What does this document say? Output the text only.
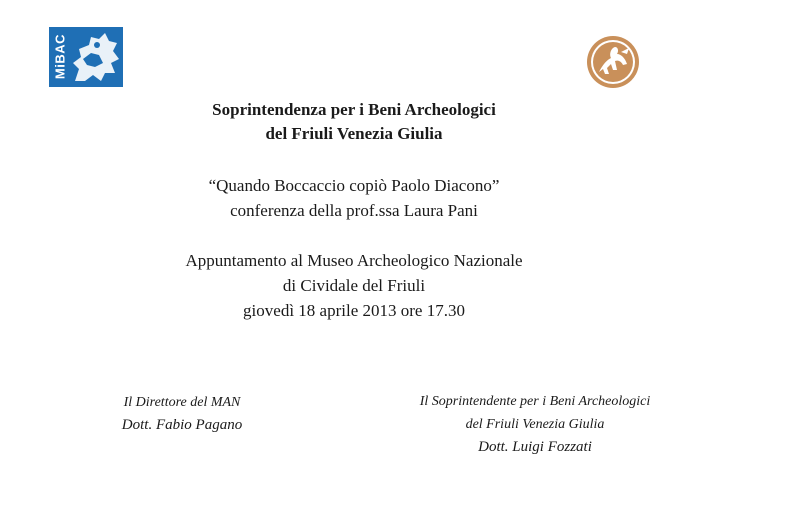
MiBAC
Soprintendenza per i Beni Archeologici
del Friuli Venezia Giulia
“Quando Boccaccio copiò Paolo Diacono”
conferenza della prof.ssa Laura Pani
Appuntamento al Museo Archeologico Nazionale
di Cividale del Friuli
giovedì 18 aprile 2013 ore 17.30
Il Direttore del MAN
Dott. Fabio Pagano
Il Soprintendente per i Beni Archeologici
del Friuli Venezia Giulia
Dott. Luigi Fozzati
